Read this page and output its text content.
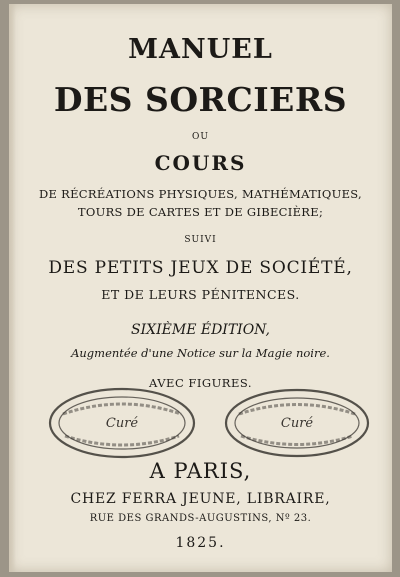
MANUEL

DES SORCIERS

OU

COURS

DE RÉCRÉATIONS PHYSIQUES, MATHÉMATIQUES,

TOURS DE CARTES ET DE GIBECIÈRE;

SUIVI

DES PETITS JEUX DE SOCIÉTÉ,

ET DE LEURS PÉNITENCES.

SIXIÈME ÉDITION,

Augmentée d'une Notice sur la Magie noire.

AVEC FIGURES.

Curé	Curé

A PARIS,

CHEZ FERRA JEUNE, LIBRAIRE,

RUE DES GRANDS-AUGUSTINS, Nº 23.

1825.
